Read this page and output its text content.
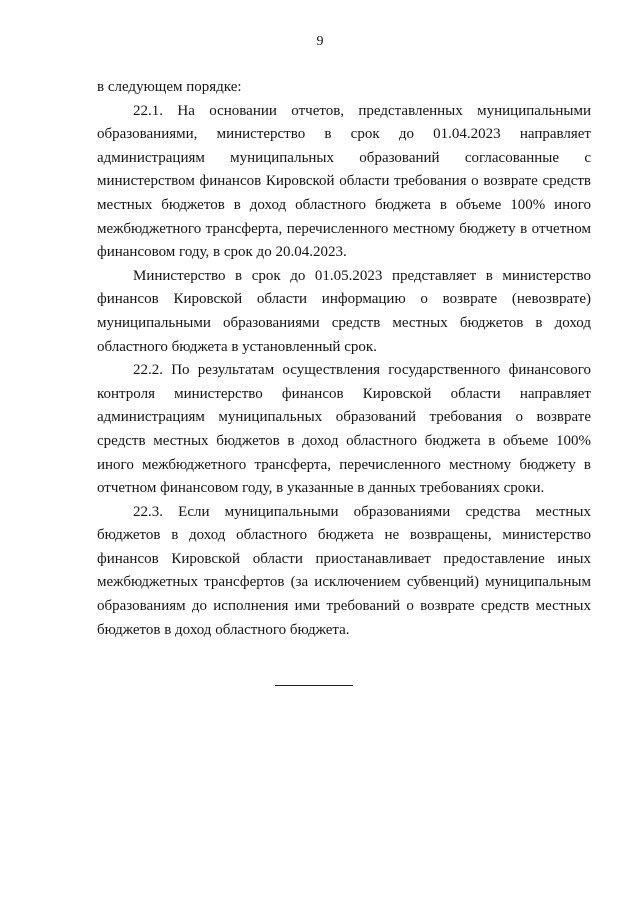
9

в следующем порядке:

22.1. На основании отчетов, представленных муниципальными образованиями, министерство в срок до 01.04.2023 направляет администрациям муниципальных образований согласованные с министерством финансов Кировской области требования о возврате средств местных бюджетов в доход областного бюджета в объеме 100% иного межбюджетного трансферта, перечисленного местному бюджету в отчетном финансовом году, в срок до 20.04.2023.

Министерство в срок до 01.05.2023 представляет в министерство финансов Кировской области информацию о возврате (невозврате) муниципальными образованиями средств местных бюджетов в доход областного бюджета в установленный срок.

22.2. По результатам осуществления государственного финансового контроля министерство финансов Кировской области направляет администрациям муниципальных образований требования о возврате средств местных бюджетов в доход областного бюджета в объеме 100% иного межбюджетного трансферта, перечисленного местному бюджету в отчетном финансовом году, в указанные в данных требованиях сроки.

22.3. Если муниципальными образованиями средства местных бюджетов в доход областного бюджета не возвращены, министерство финансов Кировской области приостанавливает предоставление иных межбюджетных трансфертов (за исключением субвенций) муниципальным образованиям до исполнения ими требований о возврате средств местных бюджетов в доход областного бюджета.
